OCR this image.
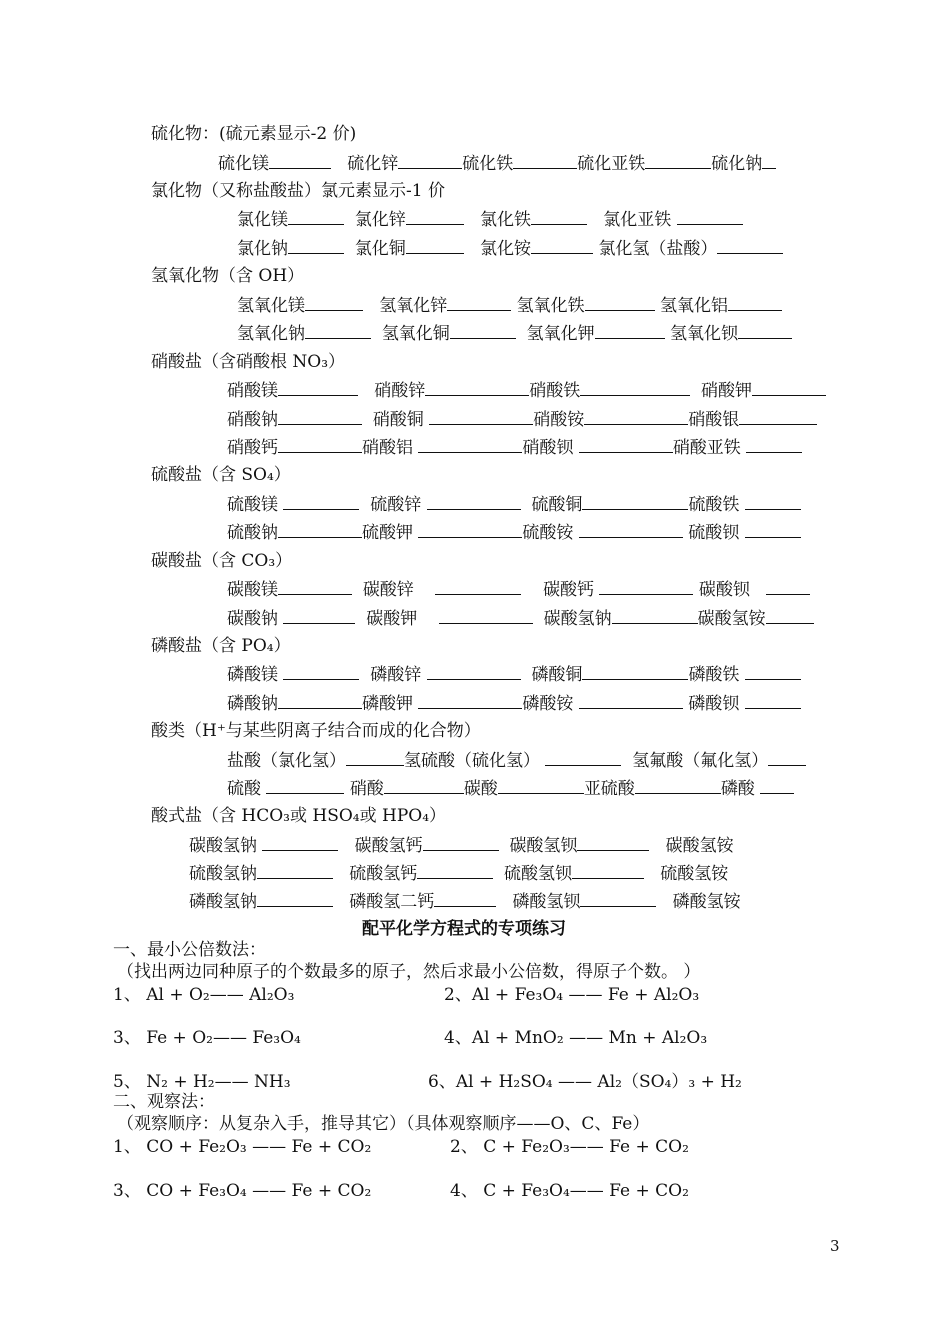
硫化物：(硫元素显示-2 价)
硫化镁	硫化锌	硫化铁	硫化亚铁	硫化钠
氯化物（又称盐酸盐）氯元素显示-1 价
氯化镁	氯化锌	氯化铁	氯化亚铁
氯化钠	氯化铜	氯化铵	氯化氢（盐酸）
氢氧化物（含 OH）
氢氧化镁	氢氧化锌	氢氧化铁	氢氧化铝
氢氧化钠	氢氧化铜	氢氧化钾	氢氧化钡
硝酸盐（含硝酸根 NO₃）
硝酸镁	硝酸锌	硝酸铁	硝酸钾
硝酸钠	硝酸铜	硝酸铵	硝酸银
硝酸钙	硝酸铝	硝酸钡	硝酸亚铁
硫酸盐（含 SO₄）
硫酸镁	硫酸锌	硫酸铜	硫酸铁
硫酸钠	硫酸钾	硫酸铵	硫酸钡
碳酸盐（含 CO₃）
碳酸镁	碳酸锌	碳酸钙	碳酸钡
碳酸钠	碳酸钾	碳酸氢钠	碳酸氢铵
磷酸盐（含 PO₄）
磷酸镁	磷酸锌	磷酸铜	磷酸铁
磷酸钠	磷酸钾	磷酸铵	磷酸钡
酸类（H⁺与某些阴离子结合而成的化合物）
盐酸（氯化氢）	氢硫酸（硫化氢）	氢氟酸（氟化氢）
硫酸	硝酸	碳酸	亚硫酸	磷酸
酸式盐（含 HCO₃或 HSO₄或 HPO₄）
碳酸氢钠	碳酸氢钙	碳酸氢钡	碳酸氢铵
硫酸氢钠	硫酸氢钙	硫酸氢钡	硫酸氢铵
磷酸氢钠	磷酸氢二钙	磷酸氢钡	磷酸氢铵
配平化学方程式的专项练习
一、最小公倍数法：
（找出两边同种原子的个数最多的原子，然后求最小公倍数，得原子个数。 ）
1、 Al + O₂—— Al₂O₃	2、Al + Fe₃O₄ —— Fe + Al₂O₃
3、 Fe + O₂—— Fe₃O₄	4、Al + MnO₂ —— Mn + Al₂O₃
5、 N₂ + H₂—— NH₃	6、Al + H₂SO₄ —— Al₂（SO₄）₃ + H₂
二、观察法：
（观察顺序：从复杂入手，推导其它）（具体观察顺序——O、C、Fe）
1、 CO + Fe₂O₃ —— Fe + CO₂	2、 C + Fe₂O₃—— Fe + CO₂
3、 CO + Fe₃O₄ —— Fe + CO₂	4、 C + Fe₃O₄—— Fe + CO₂
3
